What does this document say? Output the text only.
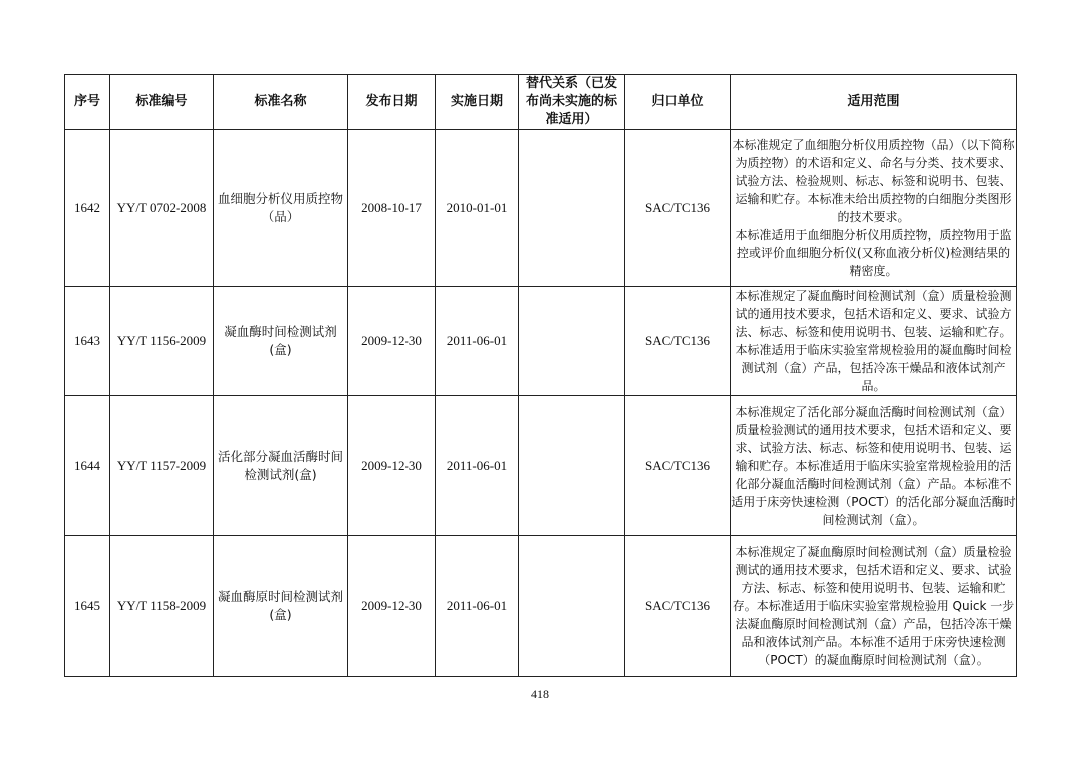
序号	标准编号	标准名称	发布日期	实施日期	替代关系（已发布尚未实施的标准适用）	归口单位	适用范围
1642	YY/T 0702-2008	血细胞分析仪用质控物（品）	2008-10-17	2010-01-01		SAC/TC136	本标准规定了血细胞分析仪用质控物（品）（以下简称为质控物）的术语和定义、命名与分类、技术要求、试验方法、检验规则、标志、标签和说明书、包装、运输和贮存。本标准未给出质控物的白细胞分类图形的技术要求。
本标准适用于血细胞分析仪用质控物，质控物用于监控或评价血细胞分析仪(又称血液分析仪)检测结果的精密度。
1643	YY/T 1156-2009	凝血酶时间检测试剂(盒)	2009-12-30	2011-06-01		SAC/TC136	本标准规定了凝血酶时间检测试剂（盒）质量检验测试的通用技术要求，包括术语和定义、要求、试验方法、标志、标签和使用说明书、包装、运输和贮存。本标准适用于临床实验室常规检验用的凝血酶时间检测试剂（盒）产品，包括冷冻干燥品和液体试剂产品。
1644	YY/T 1157-2009	活化部分凝血活酶时间检测试剂(盒)	2009-12-30	2011-06-01		SAC/TC136	本标准规定了活化部分凝血活酶时间检测试剂（盒）质量检验测试的通用技术要求，包括术语和定义、要求、试验方法、标志、标签和使用说明书、包装、运输和贮存。本标准适用于临床实验室常规检验用的活化部分凝血活酶时间检测试剂（盒）产品。本标准不适用于床旁快速检测（POCT）的活化部分凝血活酶时间检测试剂（盒）。
1645	YY/T 1158-2009	凝血酶原时间检测试剂(盒)	2009-12-30	2011-06-01		SAC/TC136	本标准规定了凝血酶原时间检测试剂（盒）质量检验测试的通用技术要求，包括术语和定义、要求、试验方法、标志、标签和使用说明书、包装、运输和贮存。本标准适用于临床实验室常规检验用 Quick 一步法凝血酶原时间检测试剂（盒）产品，包括冷冻干燥品和液体试剂产品。本标准不适用于床旁快速检测（POCT）的凝血酶原时间检测试剂（盒）。
418
